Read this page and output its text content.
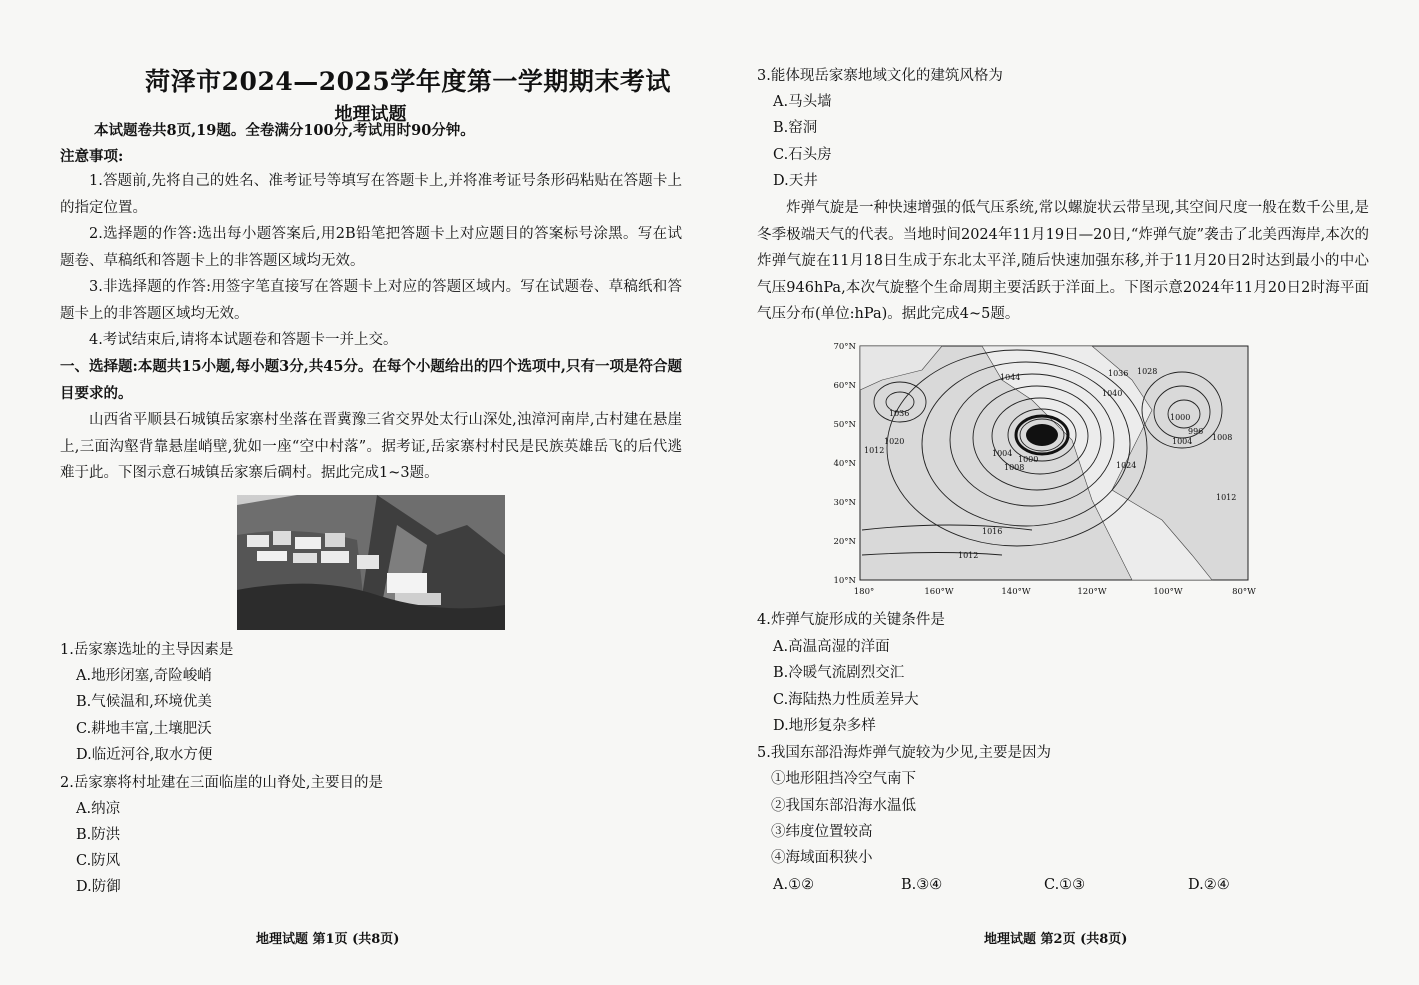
菏泽市2024—2025学年度第一学期期末考试
地理试题
本试题卷共8页,19题。全卷满分100分,考试用时90分钟。
注意事项:
1.答题前,先将自己的姓名、准考证号等填写在答题卡上,并将准考证号条形码粘贴在答题卡上的指定位置。
2.选择题的作答:选出每小题答案后,用2B铅笔把答题卡上对应题目的答案标号涂黑。写在试题卷、草稿纸和答题卡上的非答题区域均无效。
3.非选择题的作答:用签字笔直接写在答题卡上对应的答题区域内。写在试题卷、草稿纸和答题卡上的非答题区域均无效。
4.考试结束后,请将本试题卷和答题卡一并上交。
一、选择题:本题共15小题,每小题3分,共45分。在每个小题给出的四个选项中,只有一项是符合题目要求的。
山西省平顺县石城镇岳家寨村坐落在晋冀豫三省交界处太行山深处,浊漳河南岸,古村建在悬崖上,三面沟壑背靠悬崖峭壁,犹如一座“空中村落”。据考证,岳家寨村村民是民族英雄岳飞的后代逃难于此。下图示意石城镇岳家寨后碉村。据此完成1~3题。
1.岳家寨选址的主导因素是
A.地形闭塞,奇险峻峭
B.气候温和,环境优美
C.耕地丰富,土壤肥沃
D.临近河谷,取水方便
2.岳家寨将村址建在三面临崖的山脊处,主要目的是
A.纳凉
B.防洪
C.防风
D.防御
地理试题 第1页 (共8页)
3.能体现岳家寨地域文化的建筑风格为
A.马头墙
B.窑洞
C.石头房
D.天井
炸弹气旋是一种快速增强的低气压系统,常以螺旋状云带呈现,其空间尺度一般在数千公里,是冬季极端天气的代表。当地时间2024年11月19日—20日,“炸弹气旋”袭击了北美西海岸,本次的炸弹气旋在11月18日生成于东北太平洋,随后快速加强东移,并于11月20日2时达到最小的中心气压946hPa,本次气旋整个生命周期主要活跃于洋面上。下图示意2024年11月20日2时海平面气压分布(单位:hPa)。据此完成4~5题。
4.炸弹气旋形成的关键条件是
A.高温高湿的洋面
B.冷暖气流剧烈交汇
C.海陆热力性质差异大
D.地形复杂多样
5.我国东部沿海炸弹气旋较为少见,主要是因为
①地形阻挡冷空气南下
②我国东部沿海水温低
③纬度位置较高
④海域面积狭小
A.①②	B.③④	C.①③	D.②④
地理试题 第2页 (共8页)
1036
1020
1012
1008
1004
1000
1016
1012
1044	1036
1040
1028
1024
1000
996
1004 1008
1012
70°N
60°N
50°N
40°N
30°N
20°N
10°N
180°	160°W	140°W	120°W	100°W	80°W
